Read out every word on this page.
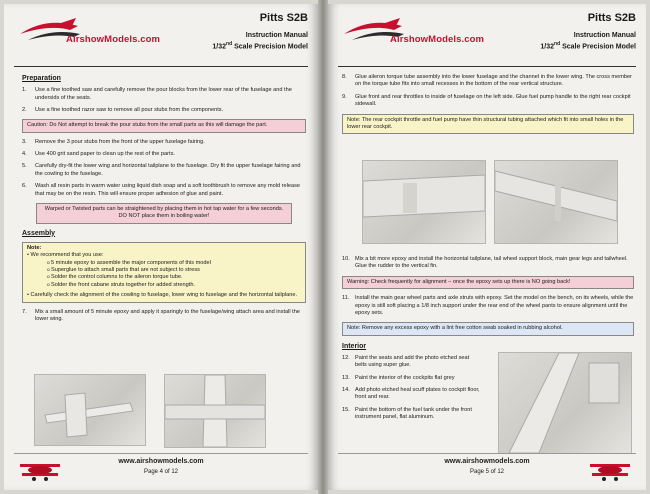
AirshowModels.com
Pitts S2B
Instruction Manual
1/32nd Scale Precision Model
Preparation
1.	Use a fine toothed saw and carefully remove the pour blocks from the lower rear of the fuselage and the undersids of the seats.
2.	Use a fine toothed razor saw to remove all pour stubs from the components.
Caution: Do Not attempt to break the pour stubs from the small parts as this will damage the part.
3.	Remove the 3 pour stubs from the front of the upper fuselage fairing.
4.	Use 400 grit sand paper to clean up the rest of the parts.
5.	Carefully dry-fit the lower wing and horizontal tailplane to the fuselage. Dry fit the upper fuselage fairing and the cowling to the fuselage.
6.	Wash all resin parts in warm water using liquid dish soap and a soft toothbrush to remove any mold release that may be on the resin. This will ensure proper adhesion of glue and paint.
Warped or Twisted parts can be straightened by placing them in hot tap water for a few seconds. DO NOT place them in boiling water!
Assembly
Note:
• We recommend that you use:
o 5 minute epoxy to assemble the major components of this model
o Superglue to attach small parts that are not subject to stress
o Solder the control columns to the aileron torque tube.
o Solder the front cabane struts together for added strength.
• Carefully check the alignment of the cowling to fuselage, lower wing to fuselage and the horizontal tailplane.
7.	Mix a small amount of 5 minute epoxy and apply it sparingly to the fuselage/wing attach area and install the lower wing.
www.airshowmodels.com
Page 4 of 12
AirshowModels.com
Pitts S2B
Instruction Manual
1/32nd Scale Precision Model
8.	Glue aileron torque tube assembly into the lower fuselage and the channel in the lower wing. The cross member on the torque tube fits into small recesses in the bottom of the rear vertical structure.
9.	Glue front and rear throttles to inside of fuselage on the left side. Glue fuel pump handle to the right rear cockpit sidewall.
Note: The rear cockpit throttle and fuel pump have thin structural tubing attached which fit into small holes in the lower rear cockpit.
10. Mix a bit more epoxy and install the horizontal tailplane, tail wheel support block, main gear legs and tailwheel. Glue the rudder to the vertical fin.
Warning: Check frequently for alignment – once the epoxy sets up there is NO going back!
11.	Install the main gear wheel parts and axle struts with epoxy. Set the model on the bench, on its wheels, while the epoxy is still soft placing a 1/8 inch support under the rear end of the wheel pants to ensure alignment until the epoxy sets.
Note: Remove any excess epoxy with a lint free cotton swab soaked in rubbing alcohol.
Interior
12. Paint the seats and add the photo etched seat belts using super glue.
13. Paint the interior of the cockpits flat grey
14. Add photo etched heal scuff plates to cockpit floor, front and rear.
15. Paint the bottom of the fuel tank under the front instrument panel, flat aluminum.
www.airshowmodels.com
Page 5 of 12
